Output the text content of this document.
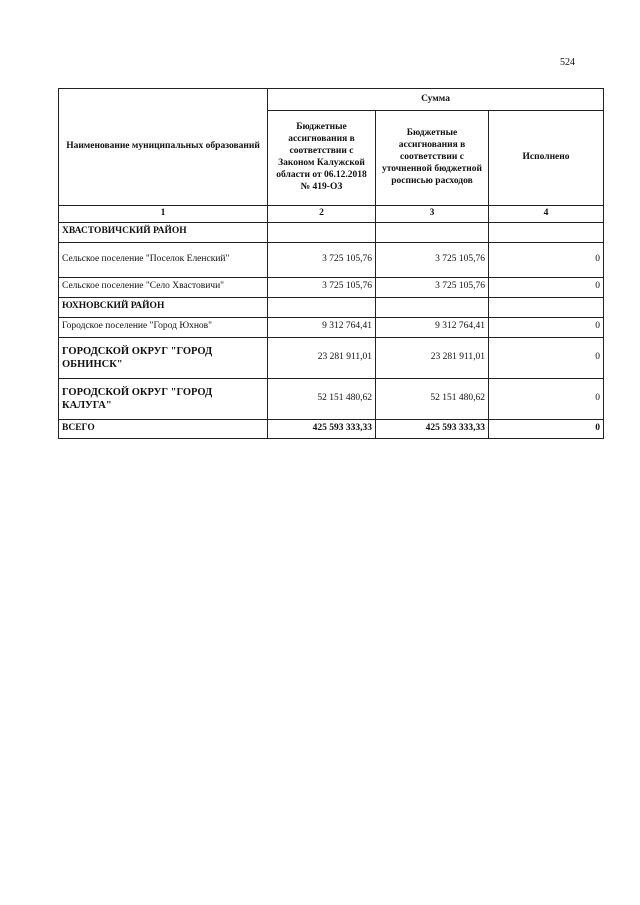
524
Наименование муниципальных образований	Сумма		
	Бюджетные ассигнования в соответствии с Законом Калужской области от 06.12.2018 № 419-ОЗ	Бюджетные ассигнования в соответствии с уточненной бюджетной росписью расходов	Исполнено
1	2	3	4
ХВАСТОВИЧСКИЙ РАЙОН			
Сельское поселение "Поселок Еленский"	3 725 105,76	3 725 105,76	0
Сельское поселение "Село Хвастовичи"	3 725 105,76	3 725 105,76	0
ЮХНОВСКИЙ РАЙОН			
Городское поселение "Город Юхнов"	9 312 764,41	9 312 764,41	0
ГОРОДСКОЙ ОКРУГ "ГОРОД ОБНИНСК"	23 281 911,01	23 281 911,01	0
ГОРОДСКОЙ ОКРУГ "ГОРОД КАЛУГА"	52 151 480,62	52 151 480,62	0
ВСЕГО	425 593 333,33	425 593 333,33	0
